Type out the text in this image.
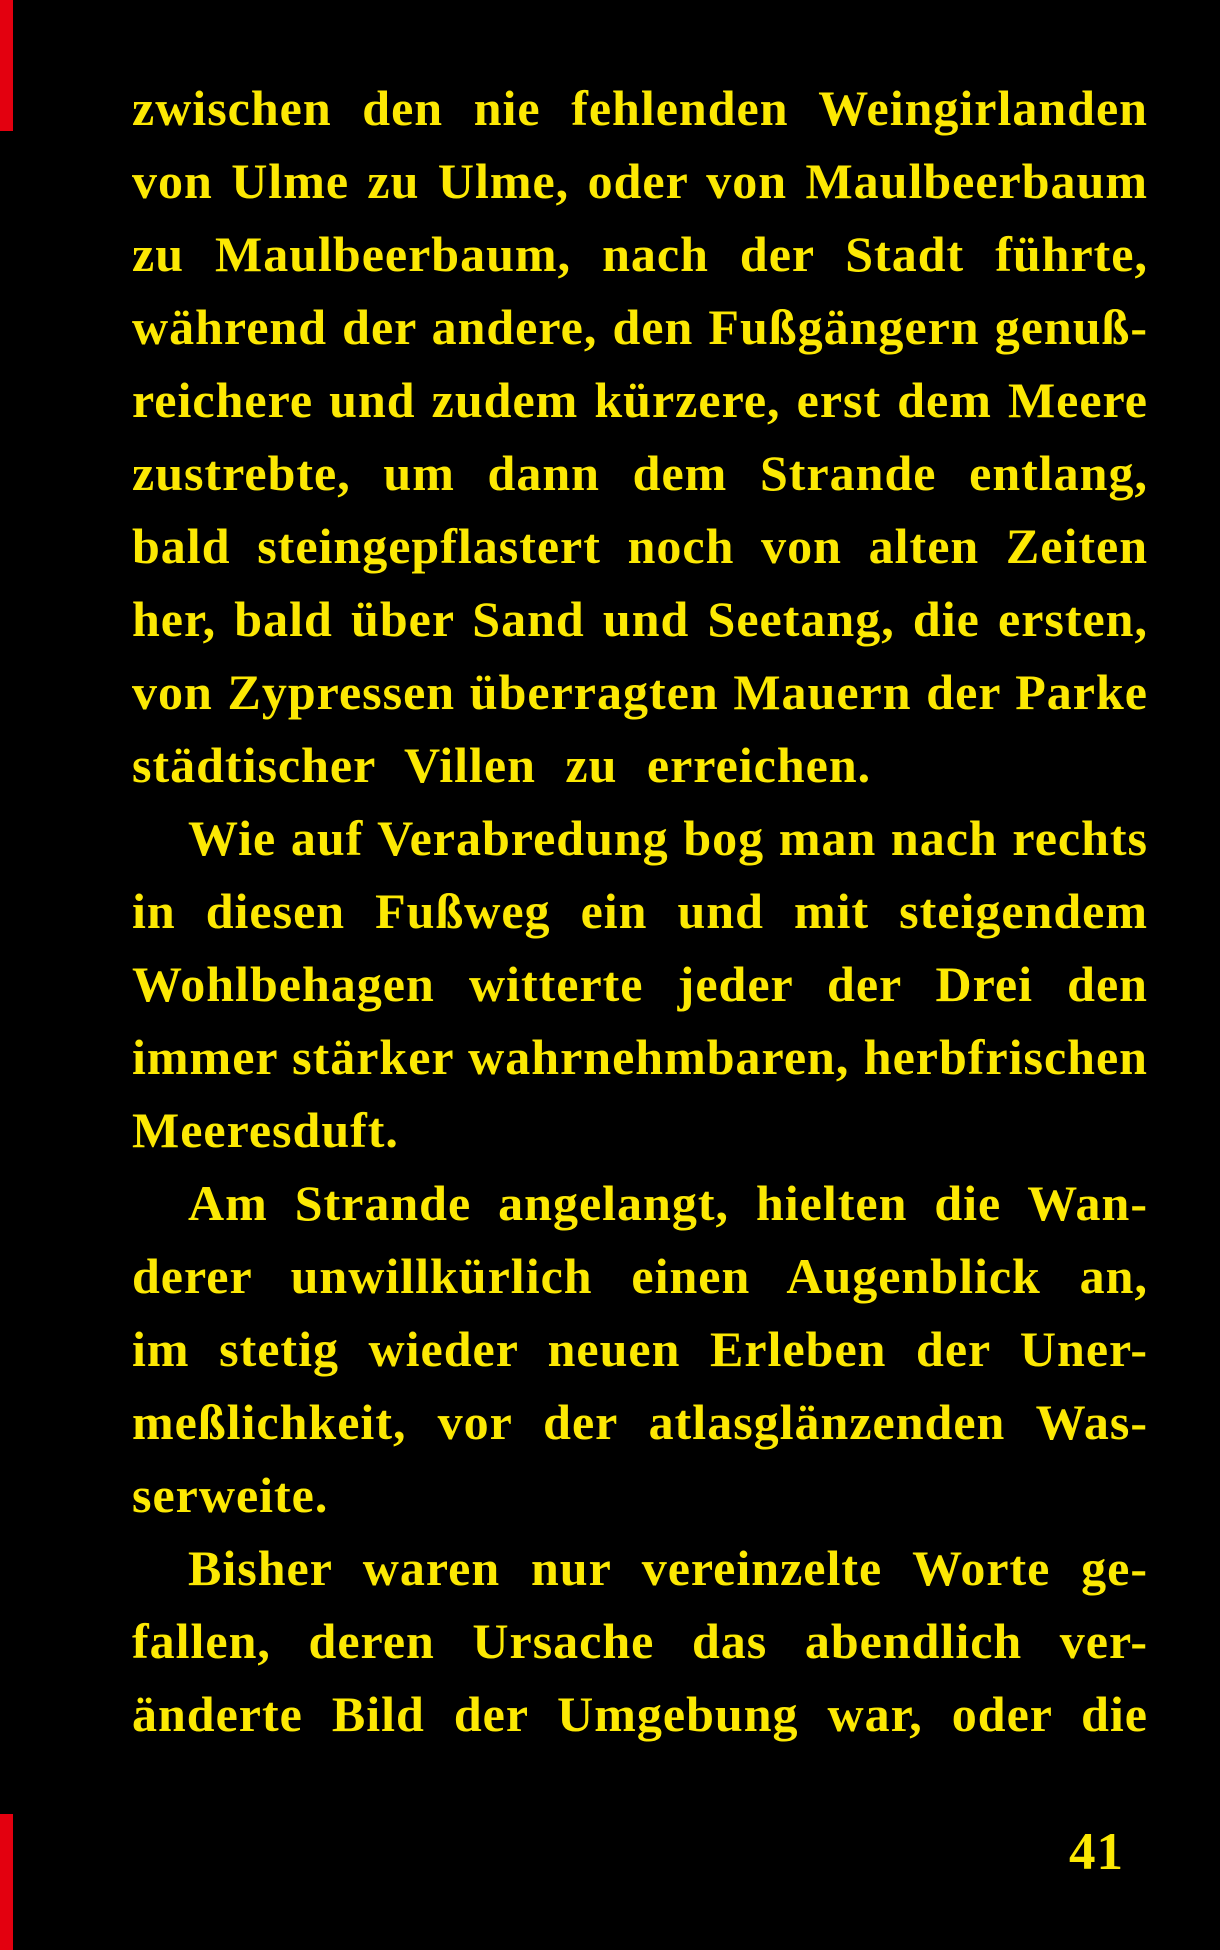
zwischen den nie fehlenden Weingirlanden
von Ulme zu Ulme, oder von Maulbeerbaum
zu Maulbeerbaum, nach der Stadt führte,
während der andere, den Fußgängern genuß-
reichere und zudem kürzere, erst dem Meere
zustrebte, um dann dem Strande entlang,
bald steingepflastert noch von alten Zeiten
her, bald über Sand und Seetang, die ersten,
von Zypressen überragten Mauern der Parke
städtischer Villen zu erreichen.
Wie auf Verabredung bog man nach rechts
in diesen Fußweg ein und mit steigendem
Wohlbehagen witterte jeder der Drei den
immer stärker wahrnehmbaren, herbfrischen
Meeresduft.
Am Strande angelangt, hielten die Wan-
derer unwillkürlich einen Augenblick an,
im stetig wieder neuen Erleben der Uner-
meßlichkeit, vor der atlasglänzenden Was-
serweite.
Bisher waren nur vereinzelte Worte ge-
fallen, deren Ursache das abendlich ver-
änderte Bild der Umgebung war, oder die
41
